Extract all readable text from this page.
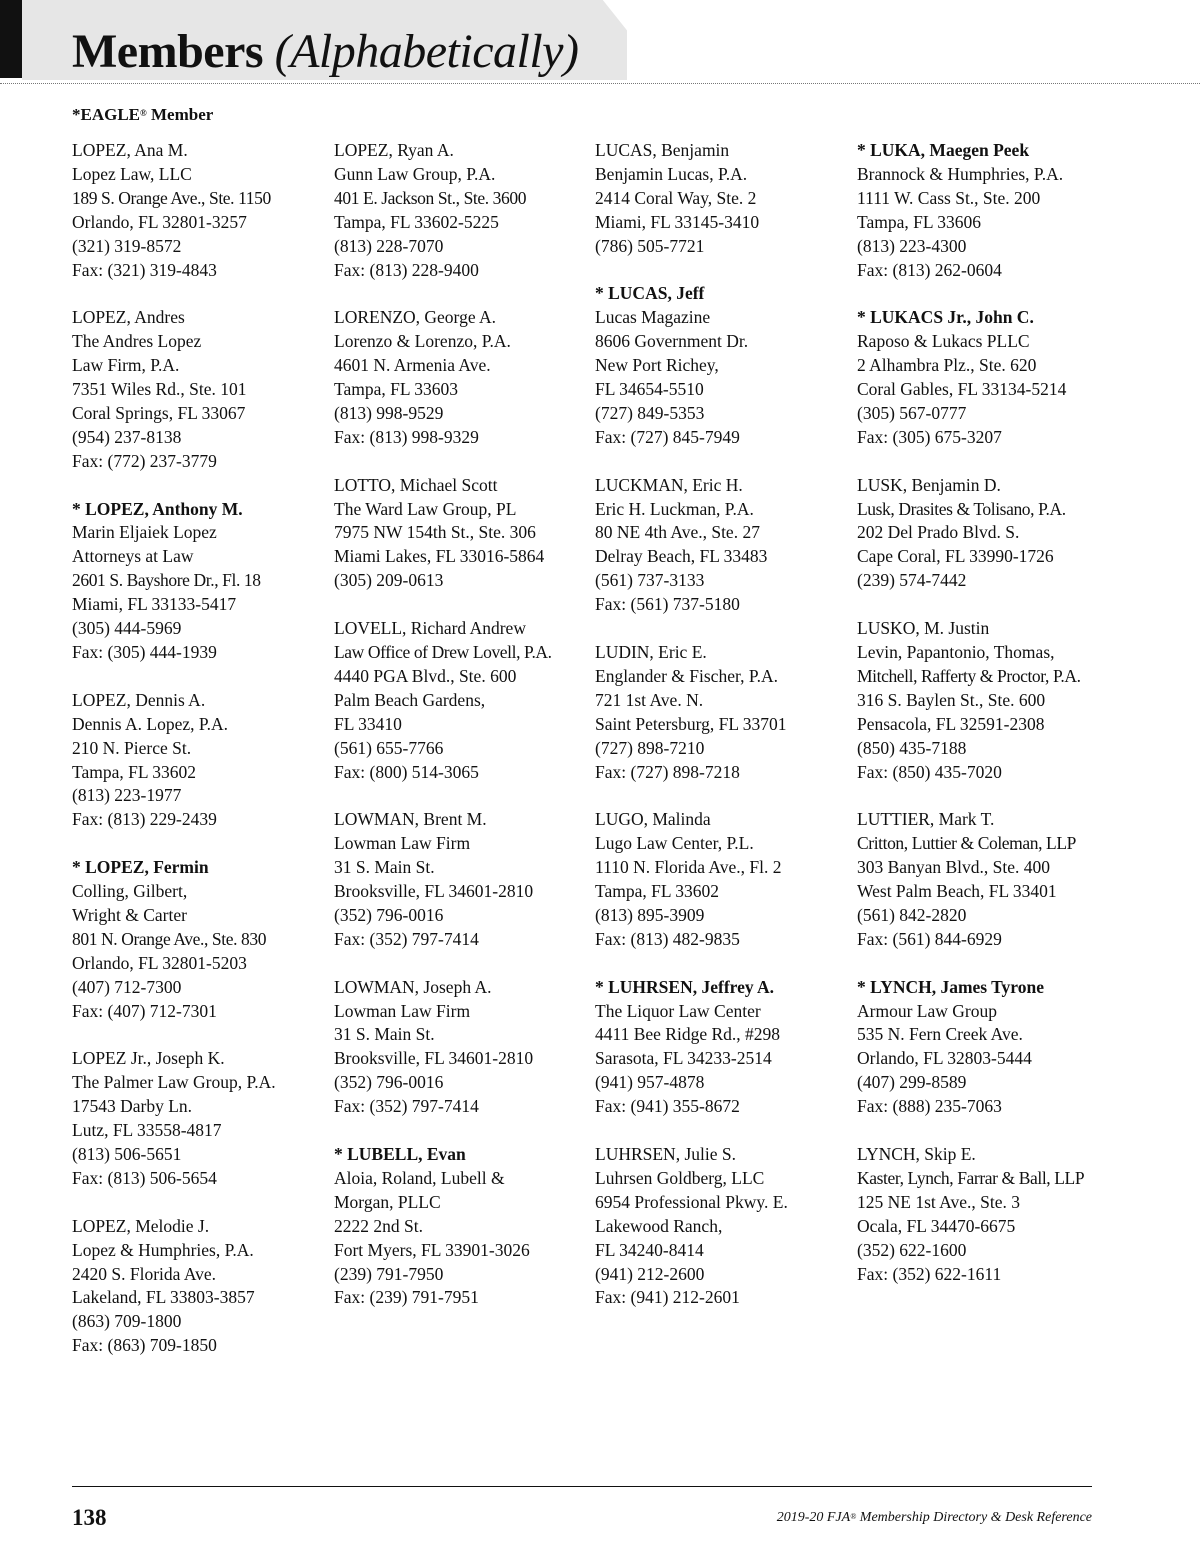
Members (Alphabetically)
*EAGLE® Member
LOPEZ, Ana M.
Lopez Law, LLC
189 S. Orange Ave., Ste. 1150
Orlando, FL 32801-3257
(321) 319-8572
Fax: (321) 319-4843
LOPEZ, Andres
The Andres Lopez
Law Firm, P.A.
7351 Wiles Rd., Ste. 101
Coral Springs, FL 33067
(954) 237-8138
Fax: (772) 237-3779
* LOPEZ, Anthony M.
Marin Eljaiek Lopez
Attorneys at Law
2601 S. Bayshore Dr., Fl. 18
Miami, FL 33133-5417
(305) 444-5969
Fax: (305) 444-1939
LOPEZ, Dennis A.
Dennis A. Lopez, P.A.
210 N. Pierce St.
Tampa, FL 33602
(813) 223-1977
Fax: (813) 229-2439
* LOPEZ, Fermin
Colling, Gilbert,
Wright & Carter
801 N. Orange Ave., Ste. 830
Orlando, FL 32801-5203
(407) 712-7300
Fax: (407) 712-7301
LOPEZ Jr., Joseph K.
The Palmer Law Group, P.A.
17543 Darby Ln.
Lutz, FL 33558-4817
(813) 506-5651
Fax: (813) 506-5654
LOPEZ, Melodie J.
Lopez & Humphries, P.A.
2420 S. Florida Ave.
Lakeland, FL 33803-3857
(863) 709-1800
Fax: (863) 709-1850
LOPEZ, Ryan A.
Gunn Law Group, P.A.
401 E. Jackson St., Ste. 3600
Tampa, FL 33602-5225
(813) 228-7070
Fax: (813) 228-9400
LORENZO, George A.
Lorenzo & Lorenzo, P.A.
4601 N. Armenia Ave.
Tampa, FL 33603
(813) 998-9529
Fax: (813) 998-9329
LOTTO, Michael Scott
The Ward Law Group, PL
7975 NW 154th St., Ste. 306
Miami Lakes, FL 33016-5864
(305) 209-0613
LOVELL, Richard Andrew
Law Office of Drew Lovell, P.A.
4440 PGA Blvd., Ste. 600
Palm Beach Gardens,
FL 33410
(561) 655-7766
Fax: (800) 514-3065
LOWMAN, Brent M.
Lowman Law Firm
31 S. Main St.
Brooksville, FL 34601-2810
(352) 796-0016
Fax: (352) 797-7414
LOWMAN, Joseph A.
Lowman Law Firm
31 S. Main St.
Brooksville, FL 34601-2810
(352) 796-0016
Fax: (352) 797-7414
* LUBELL, Evan
Aloia, Roland, Lubell &
Morgan, PLLC
2222 2nd St.
Fort Myers, FL 33901-3026
(239) 791-7950
Fax: (239) 791-7951
LUCAS, Benjamin
Benjamin Lucas, P.A.
2414 Coral Way, Ste. 2
Miami, FL 33145-3410
(786) 505-7721
* LUCAS, Jeff
Lucas Magazine
8606 Government Dr.
New Port Richey,
FL 34654-5510
(727) 849-5353
Fax: (727) 845-7949
LUCKMAN, Eric H.
Eric H. Luckman, P.A.
80 NE 4th Ave., Ste. 27
Delray Beach, FL 33483
(561) 737-3133
Fax: (561) 737-5180
LUDIN, Eric E.
Englander & Fischer, P.A.
721 1st Ave. N.
Saint Petersburg, FL 33701
(727) 898-7210
Fax: (727) 898-7218
LUGO, Malinda
Lugo Law Center, P.L.
1110 N. Florida Ave., Fl. 2
Tampa, FL 33602
(813) 895-3909
Fax: (813) 482-9835
* LUHRSEN, Jeffrey A.
The Liquor Law Center
4411 Bee Ridge Rd., #298
Sarasota, FL 34233-2514
(941) 957-4878
Fax: (941) 355-8672
LUHRSEN, Julie S.
Luhrsen Goldberg, LLC
6954 Professional Pkwy. E.
Lakewood Ranch,
FL 34240-8414
(941) 212-2600
Fax: (941) 212-2601
* LUKA, Maegen Peek
Brannock & Humphries, P.A.
1111 W. Cass St., Ste. 200
Tampa, FL 33606
(813) 223-4300
Fax: (813) 262-0604
* LUKACS Jr., John C.
Raposo & Lukacs PLLC
2 Alhambra Plz., Ste. 620
Coral Gables, FL 33134-5214
(305) 567-0777
Fax: (305) 675-3207
LUSK, Benjamin D.
Lusk, Drasites & Tolisano, P.A.
202 Del Prado Blvd. S.
Cape Coral, FL 33990-1726
(239) 574-7442
LUSKO, M. Justin
Levin, Papantonio, Thomas,
Mitchell, Rafferty & Proctor, P.A.
316 S. Baylen St., Ste. 600
Pensacola, FL 32591-2308
(850) 435-7188
Fax: (850) 435-7020
LUTTIER, Mark T.
Critton, Luttier & Coleman, LLP
303 Banyan Blvd., Ste. 400
West Palm Beach, FL 33401
(561) 842-2820
Fax: (561) 844-6929
* LYNCH, James Tyrone
Armour Law Group
535 N. Fern Creek Ave.
Orlando, FL 32803-5444
(407) 299-8589
Fax: (888) 235-7063
LYNCH, Skip E.
Kaster, Lynch, Farrar & Ball, LLP
125 NE 1st Ave., Ste. 3
Ocala, FL 34470-6675
(352) 622-1600
Fax: (352) 622-1611
138	2019-20 FJA® Membership Directory & Desk Reference
